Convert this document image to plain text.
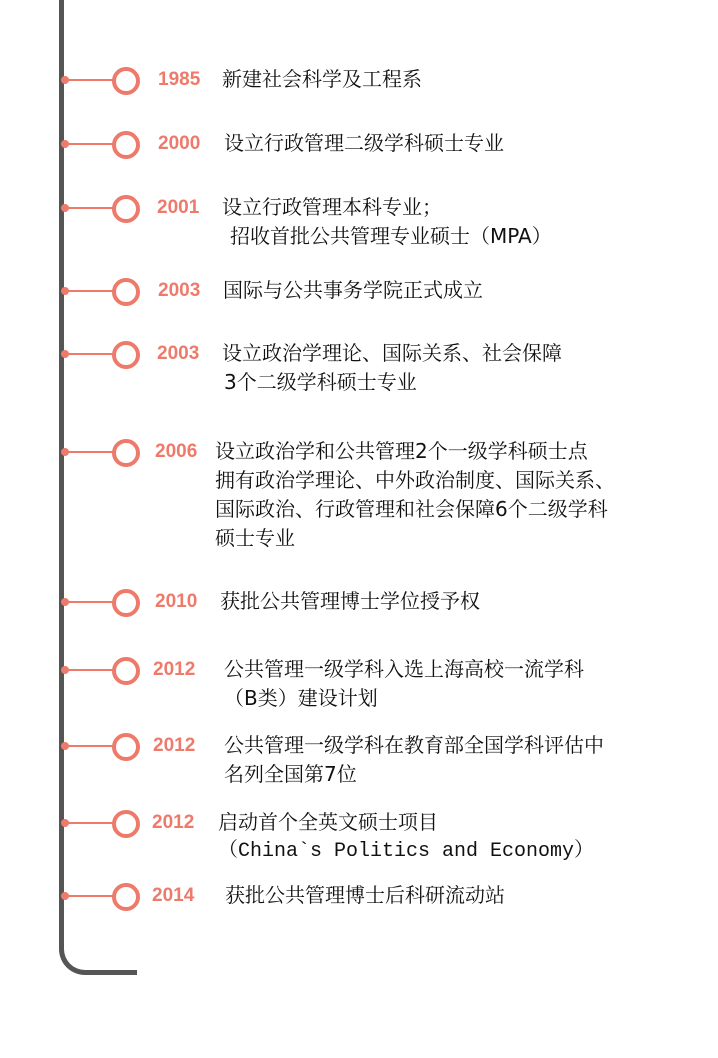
1985 新建社会科学及工程系
2000 设立行政管理二级学科硕士专业
2001 设立行政管理本科专业；
招收首批公共管理专业硕士（MPA）
2003 国际与公共事务学院正式成立
2003 设立政治学理论、国际关系、社会保障
3个二级学科硕士专业
2006 设立政治学和公共管理2个一级学科硕士点
拥有政治学理论、中外政治制度、国际关系、
国际政治、行政管理和社会保障6个二级学科
硕士专业
2010 获批公共管理博士学位授予权
2012 公共管理一级学科入选上海高校一流学科
（B类）建设计划
2012 公共管理一级学科在教育部全国学科评估中
名列全国第7位
2012 启动首个全英文硕士项目
（China`s Politics and Economy）
2014 获批公共管理博士后科研流动站
